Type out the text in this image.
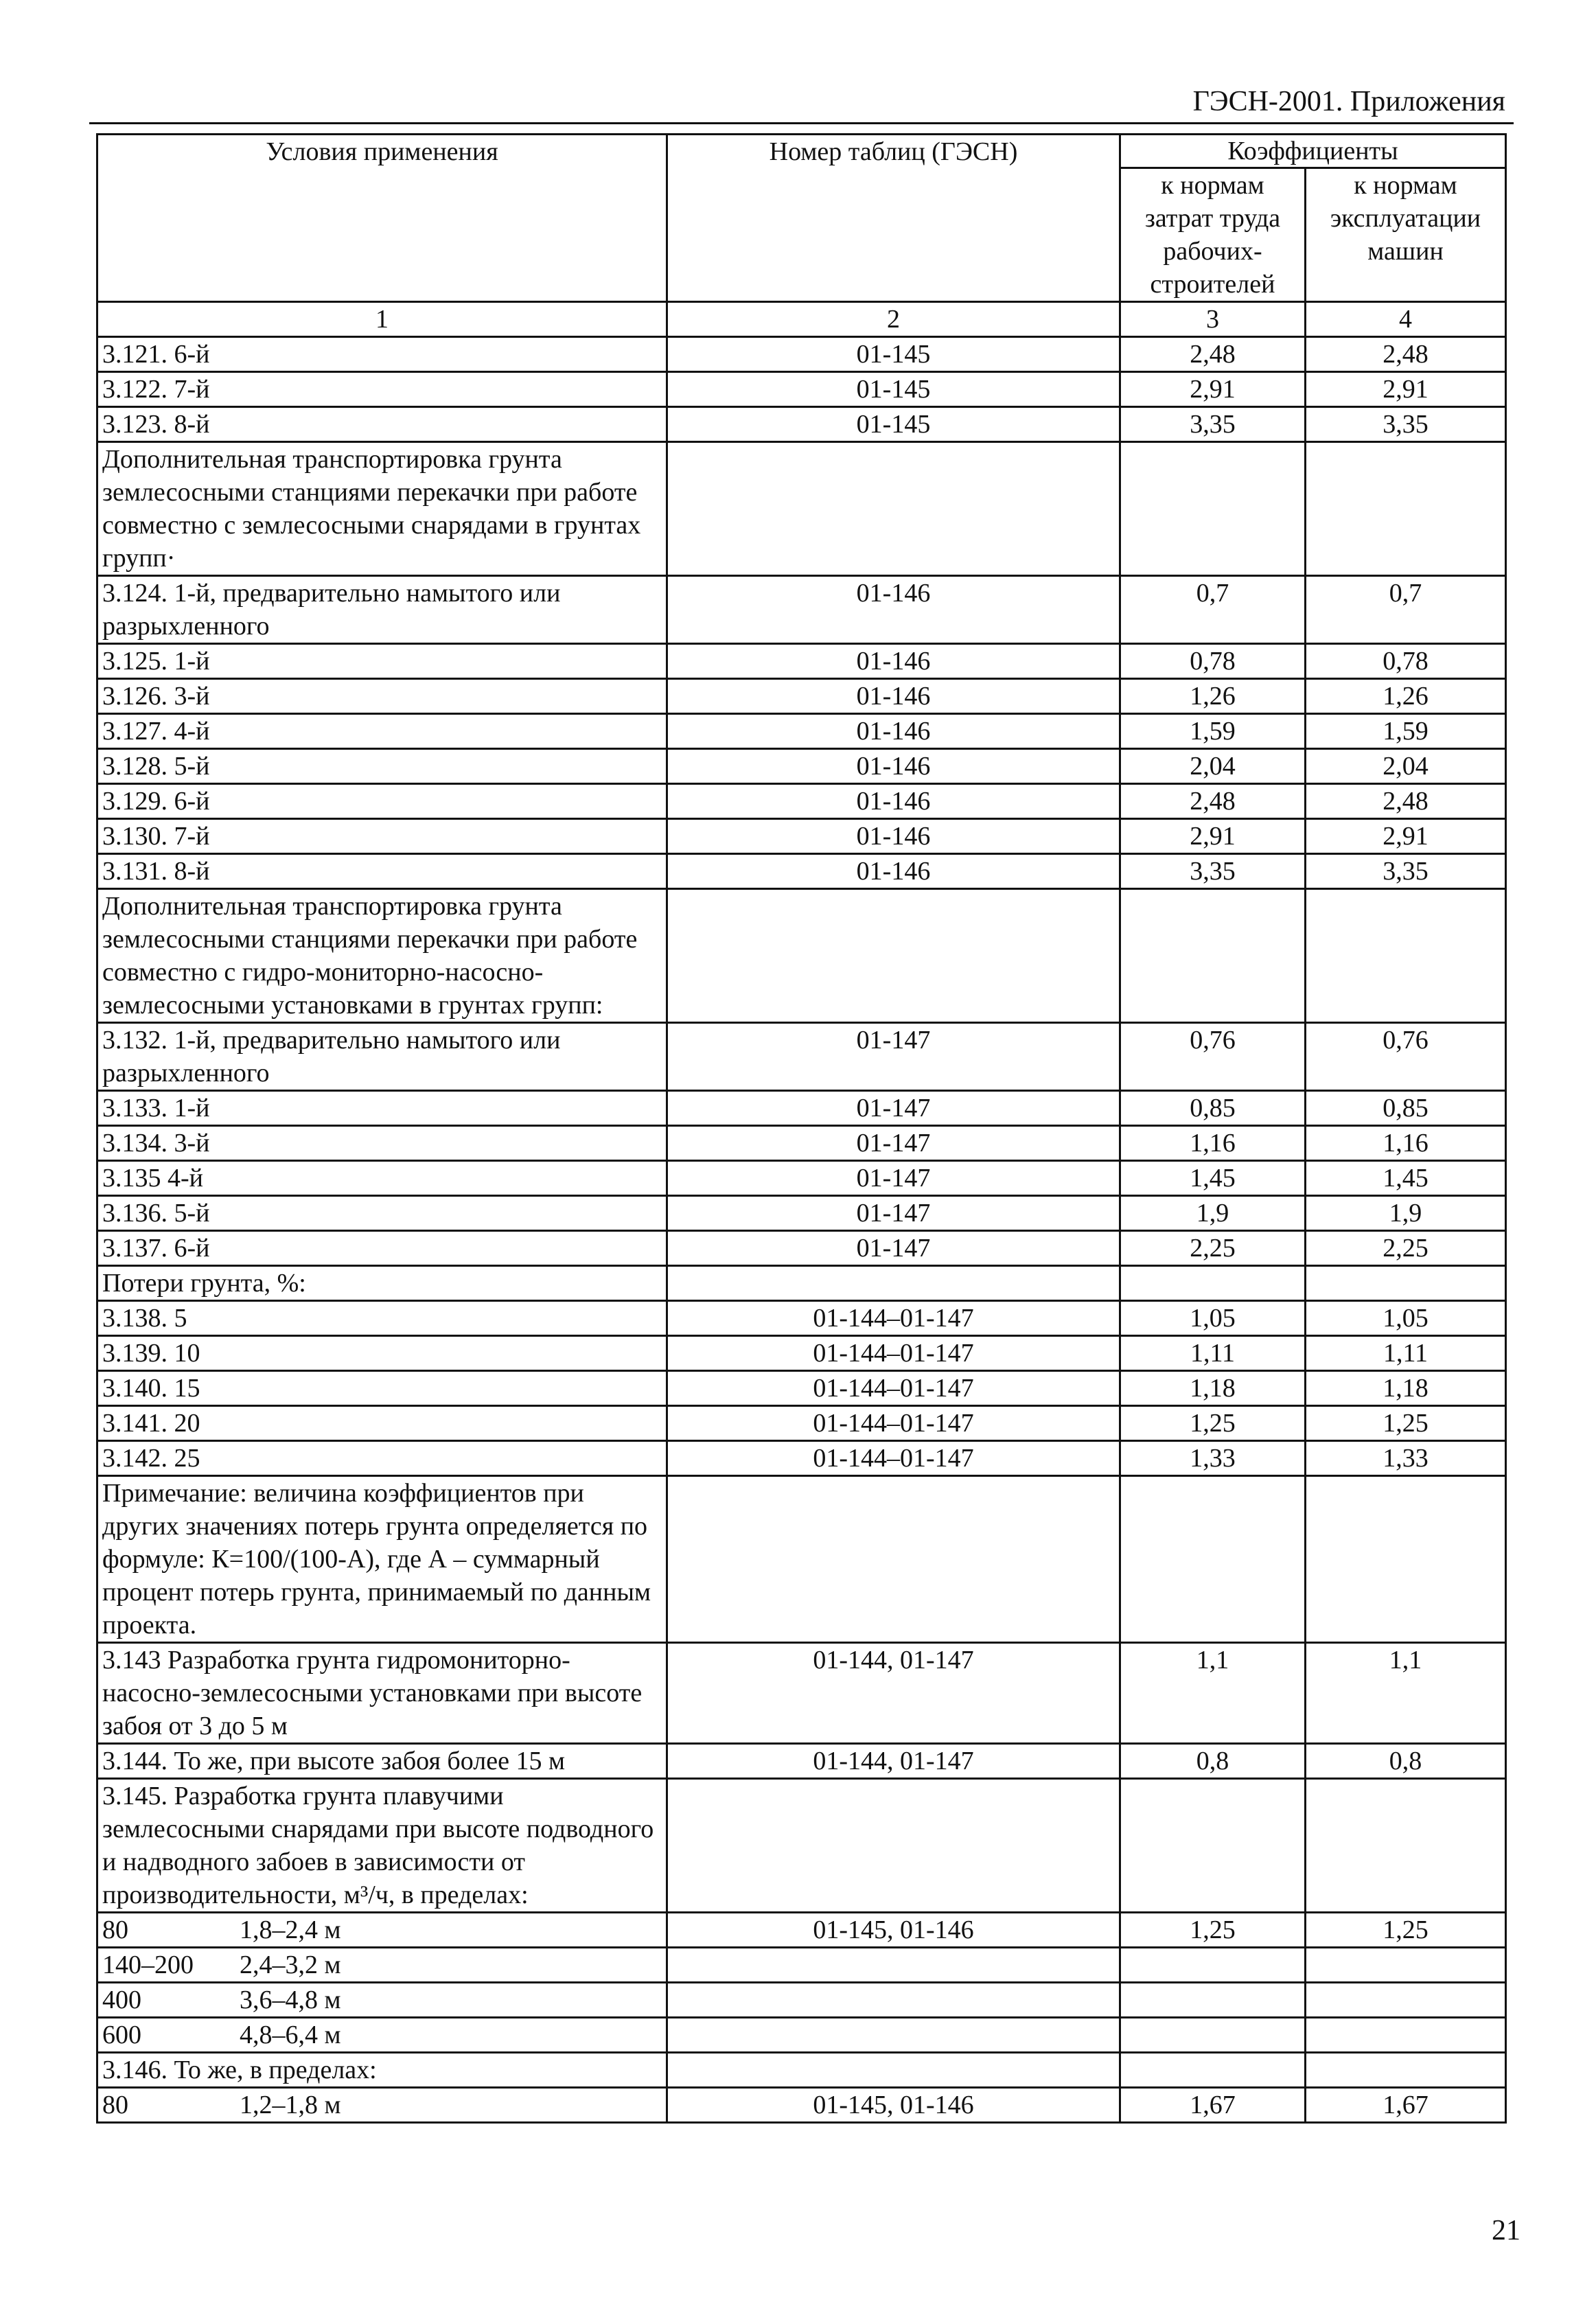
ГЭСН-2001. Приложения
Условия применения	Номер таблиц (ГЭСН)	Коэффициенты	
		к нормам затрат труда рабочих-строителей	к нормам эксплуатации машин
1	2	3	4
3.121. 6-й	01-145	2,48	2,48
3.122. 7-й	01-145	2,91	2,91
3.123. 8-й	01-145	3,35	3,35
Дополнительная транспортировка грунта землесосными станциями перекачки при работе совместно с землесосными снарядами в грунтах групп·			
3.124. 1-й, предварительно намытого или разрыхленного	01-146	0,7	0,7
3.125. 1-й	01-146	0,78	0,78
3.126. 3-й	01-146	1,26	1,26
3.127. 4-й	01-146	1,59	1,59
3.128. 5-й	01-146	2,04	2,04
3.129. 6-й	01-146	2,48	2,48
3.130. 7-й	01-146	2,91	2,91
3.131. 8-й	01-146	3,35	3,35
Дополнительная транспортировка грунта землесосными станциями перекачки при работе совместно с гидро-мониторно-насосно-землесосными установками в грунтах групп:			
3.132. 1-й, предварительно намытого или разрыхленного	01-147	0,76	0,76
3.133. 1-й	01-147	0,85	0,85
3.134. 3-й	01-147	1,16	1,16
3.135 4-й	01-147	1,45	1,45
3.136. 5-й	01-147	1,9	1,9
3.137. 6-й	01-147	2,25	2,25
Потери грунта, %:			
3.138. 5	01-144–01-147	1,05	1,05
3.139. 10	01-144–01-147	1,11	1,11
3.140. 15	01-144–01-147	1,18	1,18
3.141. 20	01-144–01-147	1,25	1,25
3.142. 25	01-144–01-147	1,33	1,33
Примечание: величина коэффициентов при других значениях потерь грунта определяется по формуле: К=100/(100-А), где А – суммарный процент потерь грунта, принимаемый по данным проекта.			
3.143 Разработка грунта гидромониторно-насосно-землесосными установками при высоте забоя от 3 до 5 м	01-144, 01-147	1,1	1,1
3.144. То же, при высоте забоя более 15 м	01-144, 01-147	0,8	0,8
3.145. Разработка грунта плавучими землесосными снарядами при высоте подводного и надводного забоев в зависимости от производительности, м³/ч, в пределах:			
80 1,8–2,4 м	01-145, 01-146	1,25	1,25
140–200 2,4–3,2 м			
400 3,6–4,8 м			
600 4,8–6,4 м			
3.146. То же, в пределах:			
80 1,2–1,8 м	01-145, 01-146	1,67	1,67
21
